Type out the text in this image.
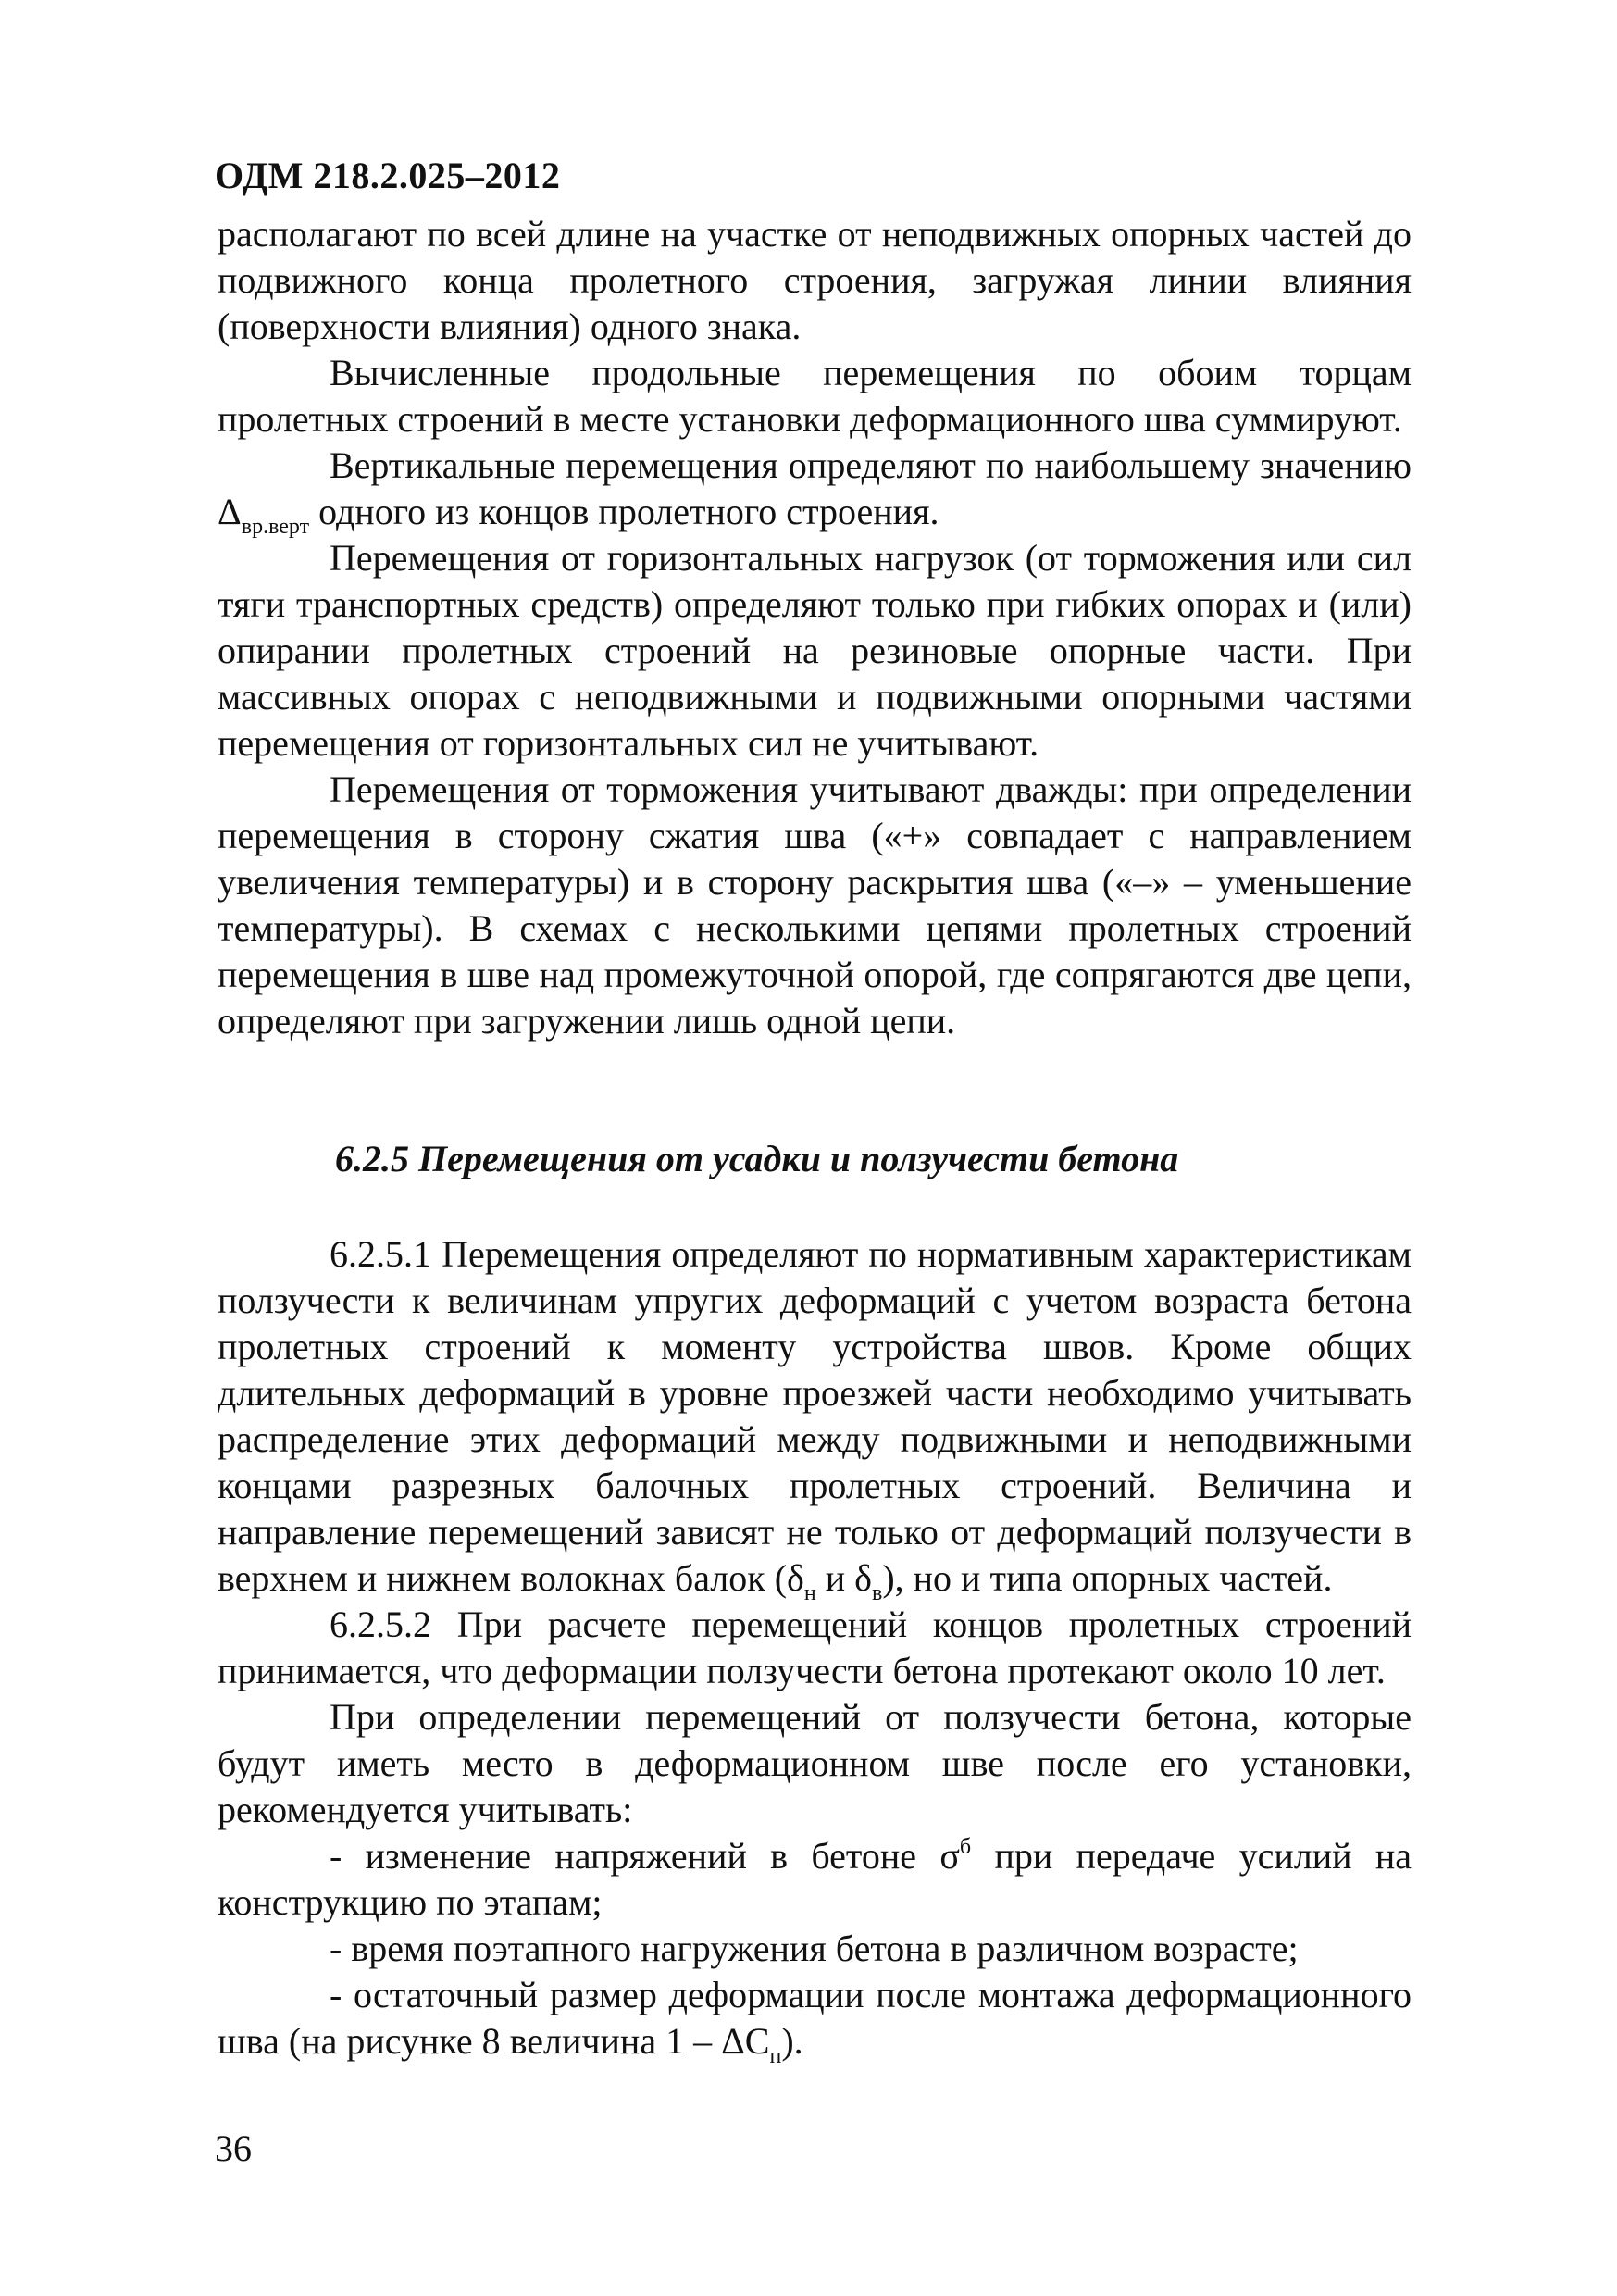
ОДМ 218.2.025–2012

располагают по всей длине на участке от неподвижных опорных частей до подвижного конца пролетного строения, загружая линии влияния (поверхности влияния) одного знака.

Вычисленные продольные перемещения по обоим торцам пролетных строений в месте установки деформационного шва суммируют.

Вертикальные перемещения определяют по наибольшему значению $\Delta_{вр.верт}$ одного из концов пролетного строения.

Перемещения от горизонтальных нагрузок (от торможения или сил тяги транспортных средств) определяют только при гибких опорах и (или) опирании пролетных строений на резиновые опорные части. При массивных опорах с неподвижными и подвижными опорными частями перемещения от горизонтальных сил не учитывают.

Перемещения от торможения учитывают дважды: при определении перемещения в сторону сжатия шва («+» совпадает с направлением увеличения температуры) и в сторону раскрытия шва («–» – уменьшение температуры). В схемах с несколькими цепями пролетных строений перемещения в шве над промежуточной опорой, где сопрягаются две цепи, определяют при загружении лишь одной цепи.

6.2.5 Перемещения от усадки и ползучести бетона

6.2.5.1 Перемещения определяют по нормативным характеристикам ползучести к величинам упругих деформаций с учетом возраста бетона пролетных строений к моменту устройства швов. Кроме общих длительных деформаций в уровне проезжей части необходимо учитывать распределение этих деформаций между подвижными и неподвижными концами разрезных балочных пролетных строений. Величина и направление перемещений зависят не только от деформаций ползучести в верхнем и нижнем волокнах балок ($\delta_н$ и $\delta_в$), но и типа опорных частей.

6.2.5.2 При расчете перемещений концов пролетных строений принимается, что деформации ползучести бетона протекают около 10 лет.

При определении перемещений от ползучести бетона, которые будут иметь место в деформационном шве после его установки, рекомендуется учитывать:

- изменение напряжений в бетоне $\sigma^б$ при передаче усилий на конструкцию по этапам;

- время поэтапного нагружения бетона в различном возрасте;

- остаточный размер деформации после монтажа деформационного шва (на рисунке 8 величина $1 - \Delta C_п$).

36
